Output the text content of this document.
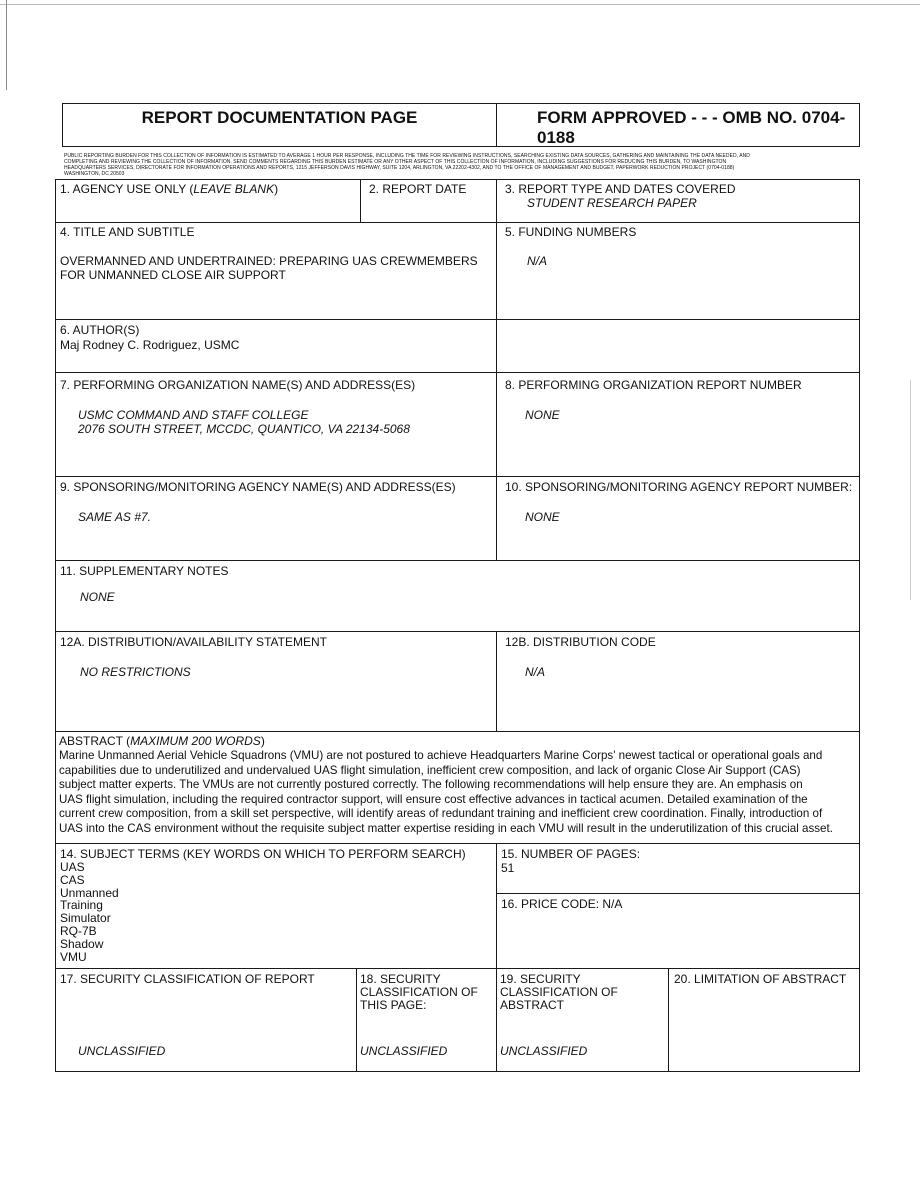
REPORT DOCUMENTATION PAGE	FORM APPROVED - - - OMB NO. 0704-0188
PUBLIC REPORTING BURDEN FOR THIS COLLECTION OF INFORMATION IS ESTIMATED TO AVERAGE 1 HOUR PER RESPONSE, INCLUDING THE TIME FOR REVIEWING INSTRUCTIONS, SEARCHING EXISTING DATA SOURCES, GATHERING AND MAINTAINING THE DATA NEEDED, AND
COMPLETING AND REVIEWING THE COLLECTION OF INFORMATION. SEND COMMENTS REGARDING THIS BURDEN ESTIMATE OR ANY OTHER ASPECT OF THIS COLLECTION OF INFORMATION, INCLUDING SUGGESTIONS FOR REDUCING THIS BURDEN, TO WASHINGTON
HEADQUARTERS SERVICES, DIRECTORATE FOR INFORMATION OPERATIONS AND REPORTS, 1215 JEFFERSON DAVIS HIGHWAY, SUITE 1204, ARLINGTON, VA 22202-4302, AND TO THE OFFICE OF MANAGEMENT AND BUDGET, PAPERWORK REDUCTION PROJECT (0704-0188)
WASHINGTON, DC 20503
1. AGENCY USE ONLY (LEAVE BLANK)	2. REPORT DATE	3. REPORT TYPE AND DATES COVERED
STUDENT RESEARCH PAPER
4. TITLE AND SUBTITLE
OVERMANNED AND UNDERTRAINED: PREPARING UAS CREWMEMBERS
FOR UNMANNED CLOSE AIR SUPPORT
5. FUNDING NUMBERS
N/A
6. AUTHOR(S)
Maj Rodney C. Rodriguez, USMC
7. PERFORMING ORGANIZATION NAME(S) AND ADDRESS(ES)
USMC COMMAND AND STAFF COLLEGE
2076 SOUTH STREET, MCCDC, QUANTICO, VA 22134-5068
8. PERFORMING ORGANIZATION REPORT NUMBER
NONE
9. SPONSORING/MONITORING AGENCY NAME(S) AND ADDRESS(ES)
SAME AS #7.
10. SPONSORING/MONITORING AGENCY REPORT NUMBER:
NONE
11. SUPPLEMENTARY NOTES
NONE
12A. DISTRIBUTION/AVAILABILITY STATEMENT
NO RESTRICTIONS
12B. DISTRIBUTION CODE
N/A
ABSTRACT (MAXIMUM 200 WORDS)
Marine Unmanned Aerial Vehicle Squadrons (VMU) are not postured to achieve Headquarters Marine Corps' newest tactical or operational goals and
capabilities due to underutilized and undervalued UAS flight simulation, inefficient crew composition, and lack of organic Close Air Support (CAS)
subject matter experts. The VMUs are not currently postured correctly. The following recommendations will help ensure they are. An emphasis on
UAS flight simulation, including the required contractor support, will ensure cost effective advances in tactical acumen. Detailed examination of the
current crew composition, from a skill set perspective, will identify areas of redundant training and inefficient crew coordination. Finally, introduction of
UAS into the CAS environment without the requisite subject matter expertise residing in each VMU will result in the underutilization of this crucial asset.
14. SUBJECT TERMS (KEY WORDS ON WHICH TO PERFORM SEARCH)
UAS
CAS
Unmanned
Training
Simulator
RQ-7B
Shadow
VMU
15. NUMBER OF PAGES:
51
16. PRICE CODE: N/A
17. SECURITY CLASSIFICATION OF REPORT
UNCLASSIFIED
18. SECURITY
CLASSIFICATION OF
THIS PAGE:
UNCLASSIFIED
19. SECURITY
CLASSIFICATION OF
ABSTRACT
UNCLASSIFIED
20. LIMITATION OF ABSTRACT
